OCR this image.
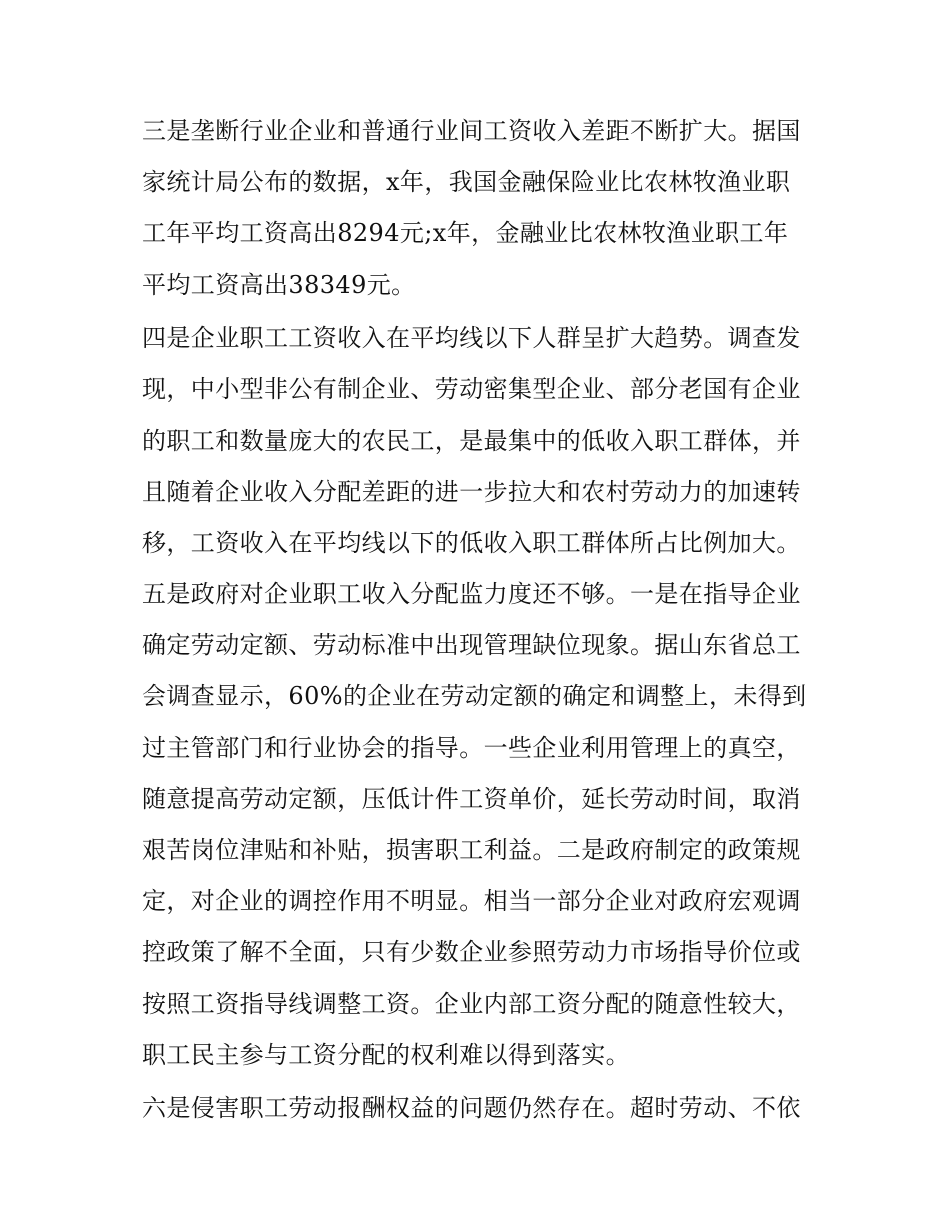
三是垄断行业企业和普通行业间工资收入差距不断扩大。据国
家统计局公布的数据，x年，我国金融保险业比农林牧渔业职
工年平均工资高出8294元;x年，金融业比农林牧渔业职工年
平均工资高出38349元。
四是企业职工工资收入在平均线以下人群呈扩大趋势。调查发
现，中小型非公有制企业、劳动密集型企业、部分老国有企业
的职工和数量庞大的农民工，是最集中的低收入职工群体，并
且随着企业收入分配差距的进一步拉大和农村劳动力的加速转
移，工资收入在平均线以下的低收入职工群体所占比例加大。
五是政府对企业职工收入分配监力度还不够。一是在指导企业
确定劳动定额、劳动标准中出现管理缺位现象。据山东省总工
会调查显示，60%的企业在劳动定额的确定和调整上，未得到
过主管部门和行业协会的指导。一些企业利用管理上的真空，
随意提高劳动定额，压低计件工资单价，延长劳动时间，取消
艰苦岗位津贴和补贴，损害职工利益。二是政府制定的政策规
定，对企业的调控作用不明显。相当一部分企业对政府宏观调
控政策了解不全面，只有少数企业参照劳动力市场指导价位或
按照工资指导线调整工资。企业内部工资分配的随意性较大，
职工民主参与工资分配的权利难以得到落实。
六是侵害职工劳动报酬权益的问题仍然存在。超时劳动、不依
